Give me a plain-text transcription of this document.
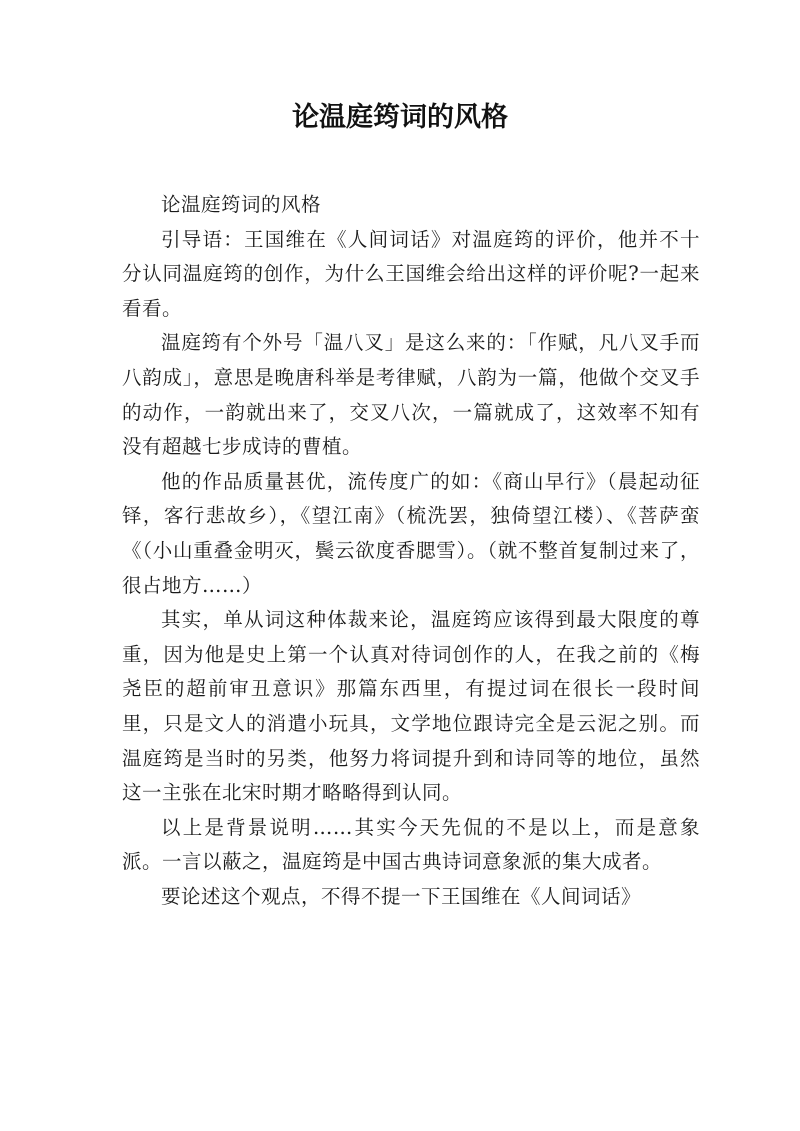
论温庭筠词的风格

论温庭筠词的风格

引导语：王国维在《人间词话》对温庭筠的评价，他并不十分认同温庭筠的创作，为什么王国维会给出这样的评价呢?一起来看看。

温庭筠有个外号「温八叉」是这么来的：「作赋，凡八叉手而八韵成」，意思是晚唐科举是考律赋，八韵为一篇，他做个交叉手的动作，一韵就出来了，交叉八次，一篇就成了，这效率不知有没有超越七步成诗的曹植。

他的作品质量甚优，流传度广的如：《商山早行》（晨起动征铎，客行悲故乡），《望江南》（梳洗罢，独倚望江楼）、《菩萨蛮《（小山重叠金明灭，鬓云欲度香腮雪）。（就不整首复制过来了，很占地方……）

其实，单从词这种体裁来论，温庭筠应该得到最大限度的尊重，因为他是史上第一个认真对待词创作的人，在我之前的《梅尧臣的超前审丑意识》那篇东西里，有提过词在很长一段时间里，只是文人的消遣小玩具，文学地位跟诗完全是云泥之别。而温庭筠是当时的另类，他努力将词提升到和诗同等的地位，虽然这一主张在北宋时期才略略得到认同。

以上是背景说明……其实今天先侃的不是以上，而是意象派。一言以蔽之，温庭筠是中国古典诗词意象派的集大成者。

要论述这个观点，不得不提一下王国维在《人间词话》
